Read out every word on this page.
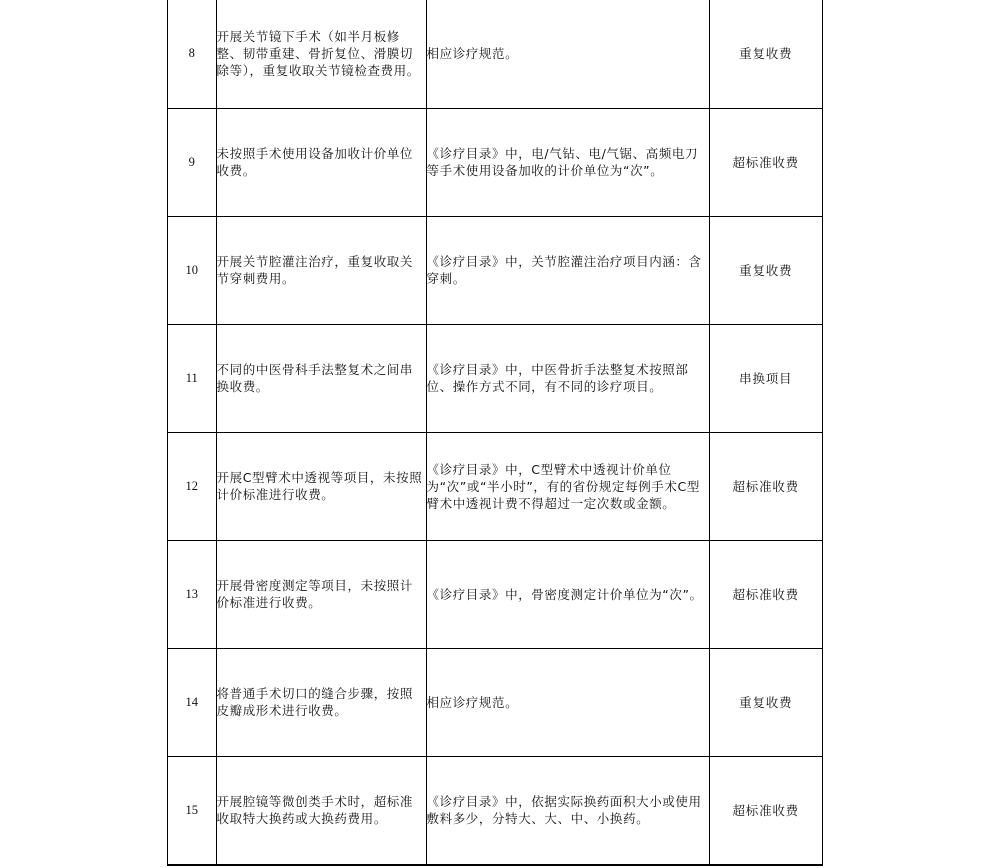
8	开展关节镜下手术（如半月板修整、韧带重建、骨折复位、滑膜切除等），重复收取关节镜检查费用。	相应诊疗规范。	重复收费
9	未按照手术使用设备加收计价单位收费。	《诊疗目录》中，电/气钻、电/气锯、高频电刀等手术使用设备加收的计价单位为“次”。	超标准收费
10	开展关节腔灌注治疗，重复收取关节穿刺费用。	《诊疗目录》中，关节腔灌注治疗项目内涵：含穿刺。	重复收费
11	不同的中医骨科手法整复术之间串换收费。	《诊疗目录》中，中医骨折手法整复术按照部位、操作方式不同，有不同的诊疗项目。	串换项目
12	开展C型臂术中透视等项目，未按照计价标准进行收费。	《诊疗目录》中，C型臂术中透视计价单位为“次”或“半小时”，有的省份规定每例手术C型臂术中透视计费不得超过一定次数或金额。	超标准收费
13	开展骨密度测定等项目，未按照计价标准进行收费。	《诊疗目录》中，骨密度测定计价单位为“次”。	超标准收费
14	将普通手术切口的缝合步骤，按照皮瓣成形术进行收费。	相应诊疗规范。	重复收费
15	开展腔镜等微创类手术时，超标准收取特大换药或大换药费用。	《诊疗目录》中，依据实际换药面积大小或使用敷料多少，分特大、大、中、小换药。	超标准收费
